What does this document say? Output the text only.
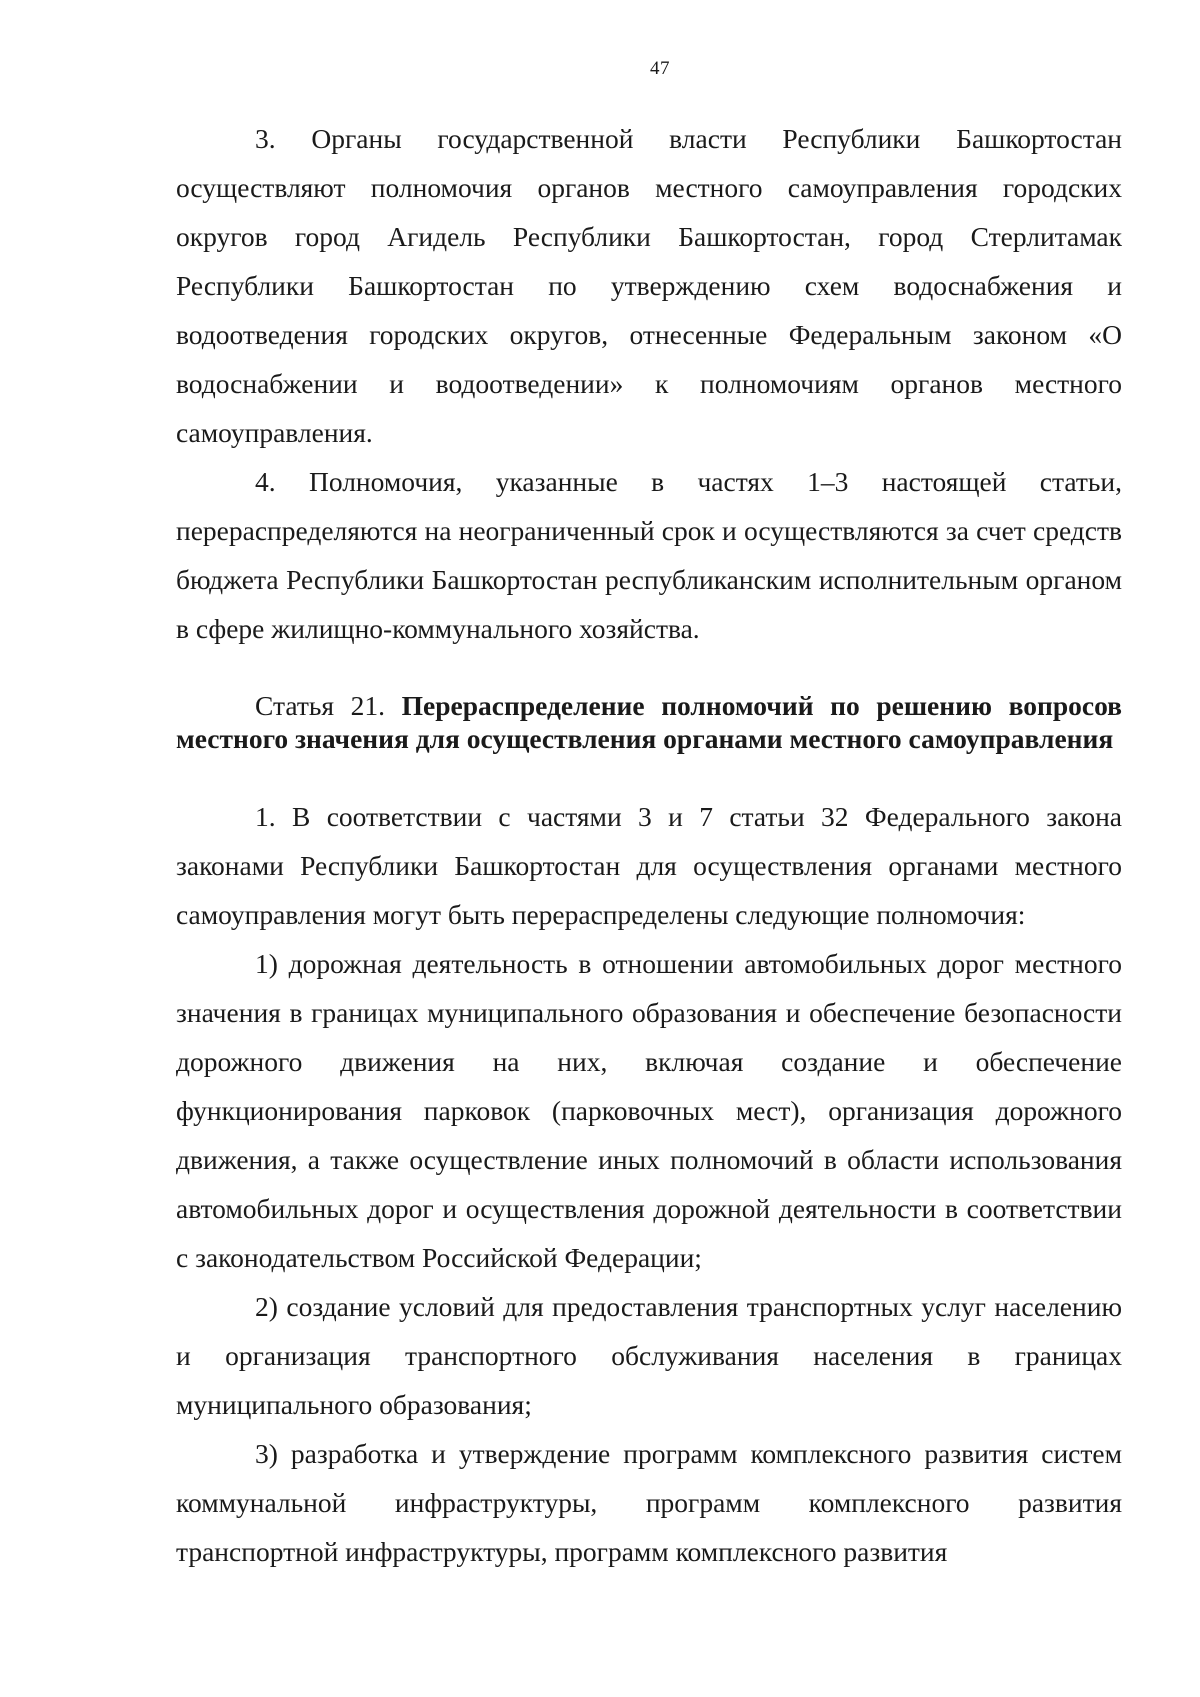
47

3. Органы государственной власти Республики Башкортостан осуществляют полномочия органов местного самоуправления городских округов город Агидель Республики Башкортостан, город Стерлитамак Республики Башкортостан по утверждению схем водоснабжения и водоотведения городских округов, отнесенные Федеральным законом «О водоснабжении и водоотведении» к полномочиям органов местного самоуправления.

4. Полномочия, указанные в частях 1–3 настоящей статьи, перераспределяются на неограниченный срок и осуществляются за счет средств бюджета Республики Башкортостан республиканским исполнительным органом в сфере жилищно-коммунального хозяйства.

Статья 21. Перераспределение полномочий по решению вопросов местного значения для осуществления органами местного самоуправления

1. В соответствии с частями 3 и 7 статьи 32 Федерального закона законами Республики Башкортостан для осуществления органами местного самоуправления могут быть перераспределены следующие полномочия:

1) дорожная деятельность в отношении автомобильных дорог местного значения в границах муниципального образования и обеспечение безопасности дорожного движения на них, включая создание и обеспечение функционирования парковок (парковочных мест), организация дорожного движения, а также осуществление иных полномочий в области использования автомобильных дорог и осуществления дорожной деятельности в соответствии с законодательством Российской Федерации;

2) создание условий для предоставления транспортных услуг населению и организация транспортного обслуживания населения в границах муниципального образования;

3) разработка и утверждение программ комплексного развития систем коммунальной инфраструктуры, программ комплексного развития транспортной инфраструктуры, программ комплексного развития
